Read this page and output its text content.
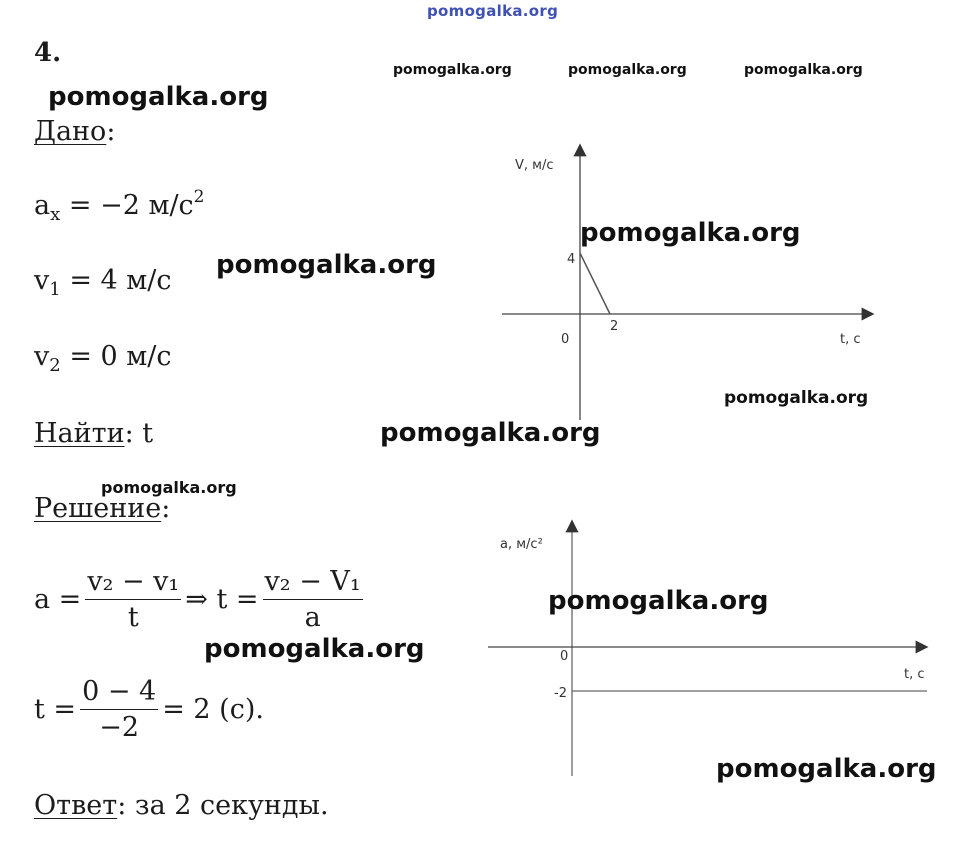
pomogalka.org
4.
pomogalka.org	pomogalka.org	pomogalka.org
pomogalka.org
Дано:
$a_x = -2$ $м/с^2$
$v_1 = 4$ м/с pomogalka.org
$v_2 = 0$ м/с
Найти: t	pomogalka.org
pomogalka.org
Решение:
$a = \frac{\text{v₂ − v₁}}{t}$ ⇒ $t = \frac{\text{v₂ − V₁}}{a}$
pomogalka.org
$t = \frac{0 - 4}{-2} = 2$ (с).
Ответ: за 2 секунды.
V, м/с
t, с
0
4
2
pomogalka.org
pomogalka.org
a, м/с²
t, с
0
-2
pomogalka.org
pomogalka.org
